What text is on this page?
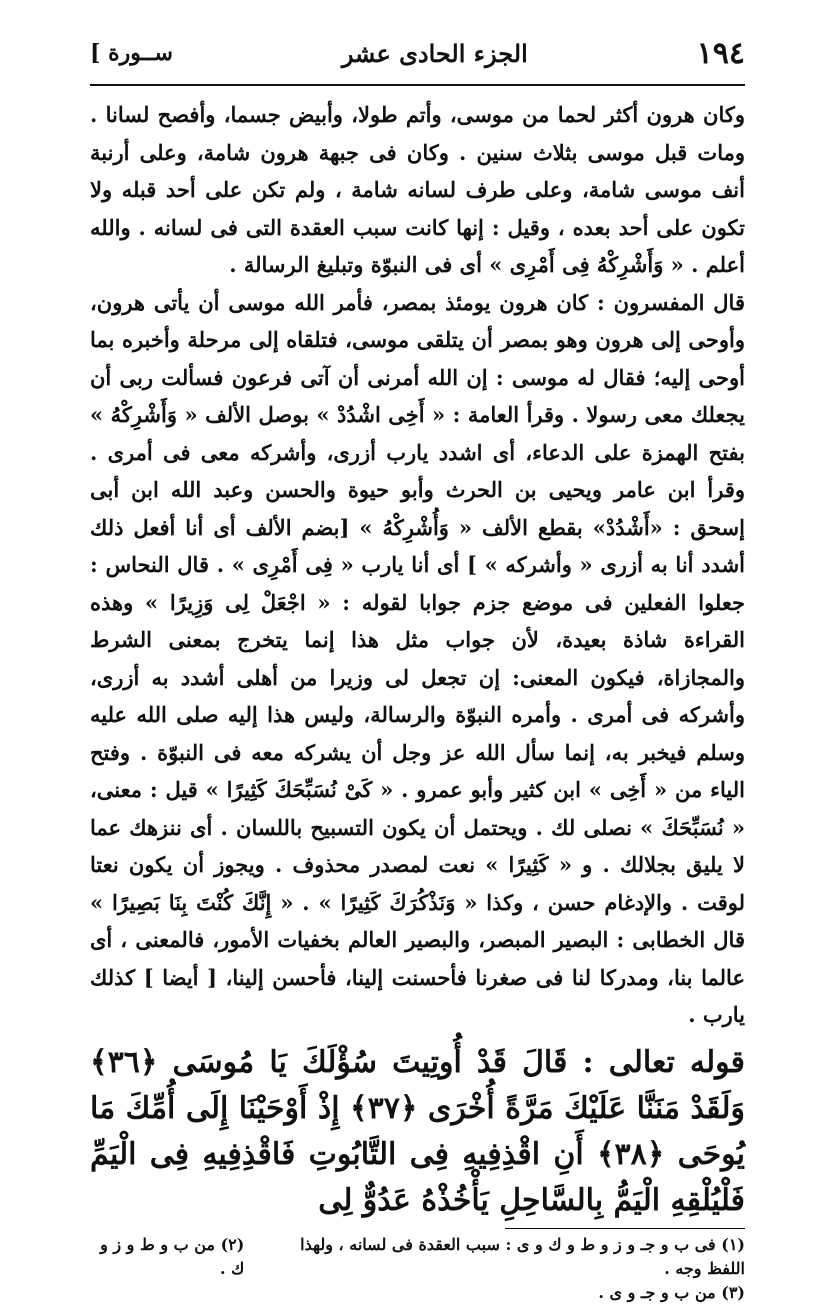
[ ســورة	الجزء الحادى عشر	١٩٤

وكان هرون أكثر لحما من موسى، وأتم طولا، وأبيض جسما، وأفصح لسانا . ومات قبل موسى بثلاث سنين . وكان فى جبهة هرون شامة، وعلى أرنبة أنف موسى شامة، وعلى طرف لسانه شامة ، ولم تكن على أحد قبله ولا تكون على أحد بعده ، وقيل : إنها كانت سبب العقدة التى فى لسانه . والله أعلم . « وَأَشْرِكْهُ فِى أَمْرِى » أى فى النبوّة وتبليغ الرسالة .

قال المفسرون : كان هرون يومئذ بمصر، فأمر الله موسى أن يأتى هرون، وأوحى إلى هرون وهو بمصر أن يتلقى موسى، فتلقاه إلى مرحلة وأخبره بما أوحى إليه؛ فقال له موسى : إن الله أمرنى أن آتى فرعون فسألت ربى أن يجعلك معى رسولا . وقرأ العامة : « أَخِى اشْدُدْ » بوصل الألف « وَأَشْرِكْهُ » بفتح الهمزة على الدعاء، أى اشدد يارب أزرى، وأشركه معى فى أمرى . وقرأ ابن عامر ويحيى بن الحرث وأبو حيوة والحسن وعبد الله ابن أبى إسحق : «أَشْدُدْ» بقطع الألف « وَأُشْرِكْهُ » [بضم الألف أى أنا أفعل ذلك أشدد أنا به أزرى « وأشركه » ] أى أنا يارب « فِى أَمْرِى » . قال النحاس : جعلوا الفعلين فى موضع جزم جوابا لقوله : « اجْعَلْ لِى وَزِيرًا » وهذه القراءة شاذة بعيدة، لأن جواب مثل هذا إنما يتخرج بمعنى الشرط والمجازاة، فيكون المعنى: إن تجعل لى وزيرا من أهلى أشدد به أزرى، وأشركه فى أمرى . وأمره النبوّة والرسالة، وليس هذا إليه صلى الله عليه وسلم فيخبر به، إنما سأل الله عز وجل أن يشركه معه فى النبوّة . وفتح الياء من « أَخِى » ابن كثير وأبو عمرو . « كَىْ نُسَبِّحَكَ كَثِيرًا » قيل : معنى، « نُسَبِّحَكَ » نصلى لك . ويحتمل أن يكون التسبيح باللسان . أى ننزهك عما لا يليق بجلالك . و « كَثِيرًا » نعت لمصدر محذوف . ويجوز أن يكون نعتا لوقت . والإدغام حسن ، وكذا « وَنَذْكُرَكَ كَثِيرًا » . « إِنَّكَ كُنْتَ بِنَا بَصِيرًا » قال الخطابى : البصير المبصر، والبصير العالم بخفيات الأمور، فالمعنى ، أى عالما بنا، ومدركا لنا فى صغرنا فأحسنت إلينا، فأحسن إلينا، [ أيضا ] كذلك يارب .

قوله تعالى : قَالَ قَدْ أُوتِيتَ سُؤْلَكَ يَا مُوسَى ﴿٣٦﴾ وَلَقَدْ مَنَنَّا عَلَيْكَ مَرَّةً أُخْرَى ﴿٣٧﴾ إِذْ أَوْحَيْنَا إِلَى أُمِّكَ مَا يُوحَى ﴿٣٨﴾ أَنِ اقْذِفِيهِ فِى التَّابُوتِ فَاقْذِفِيهِ فِى الْيَمِّ فَلْيُلْقِهِ الْيَمُّ بِالسَّاحِلِ يَأْخُذْهُ عَدُوٌّ لِى

(١) فى ب و جـ و ز و ط و ك و ى : سبب العقدة فى لسانه ، ولهذا اللفظ وجه .
(٢) من ب و ط و ز و ك .
(٣) من ب و جـ و ى .
